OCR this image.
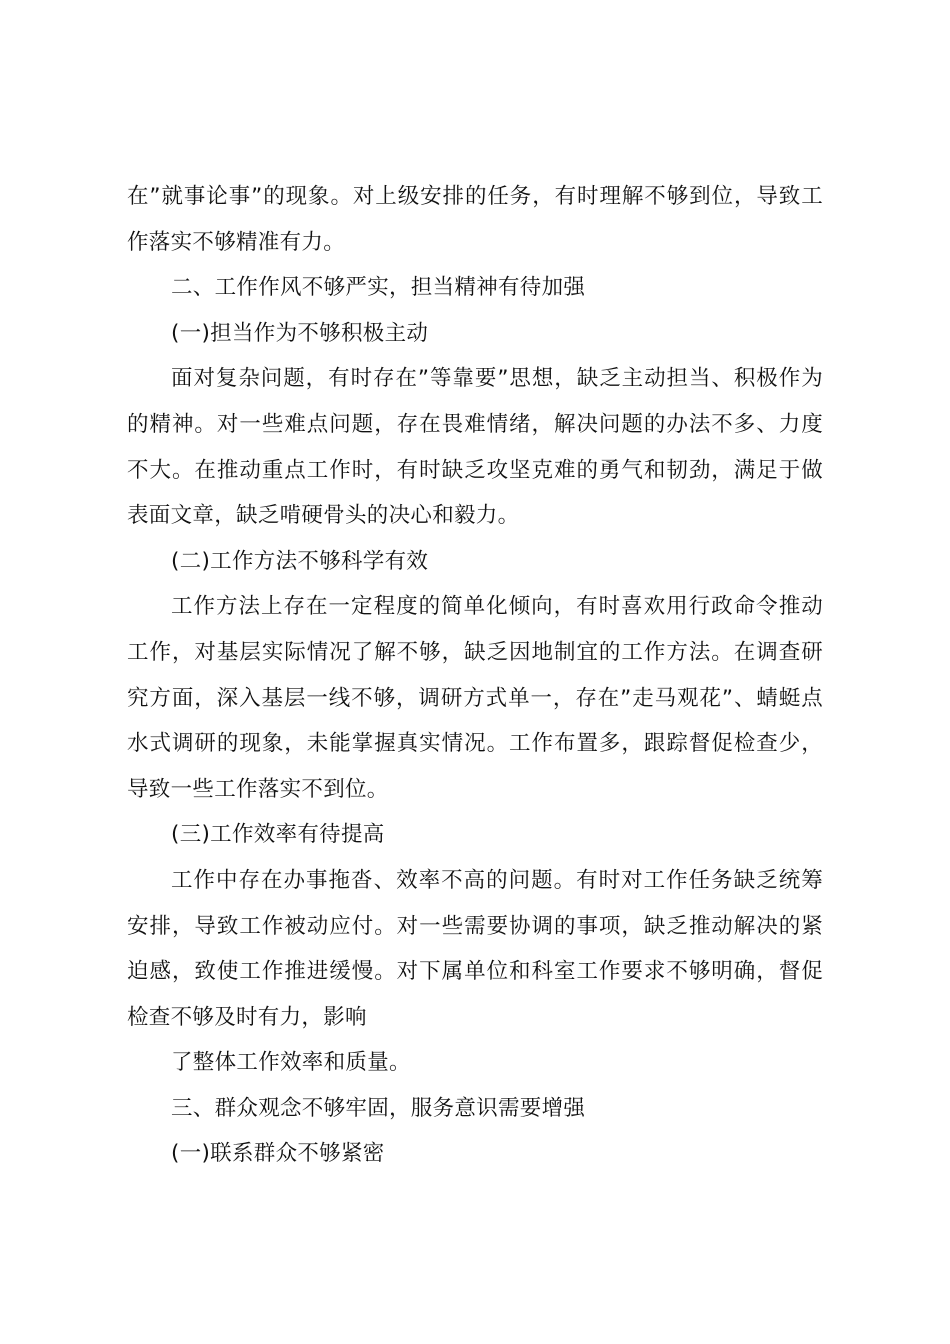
在”就事论事”的现象。对上级安排的任务，有时理解不够到位，导致工
作落实不够精准有力。

二、工作作风不够严实，担当精神有待加强

(一)担当作为不够积极主动

面对复杂问题，有时存在”等靠要”思想，缺乏主动担当、积极作为
的精神。对一些难点问题，存在畏难情绪，解决问题的办法不多、力度
不大。在推动重点工作时，有时缺乏攻坚克难的勇气和韧劲，满足于做
表面文章，缺乏啃硬骨头的决心和毅力。

(二)工作方法不够科学有效

工作方法上存在一定程度的简单化倾向，有时喜欢用行政命令推动
工作，对基层实际情况了解不够，缺乏因地制宜的工作方法。在调查研
究方面，深入基层一线不够，调研方式单一，存在”走马观花”、蜻蜓点
水式调研的现象，未能掌握真实情况。工作布置多，跟踪督促检查少，
导致一些工作落实不到位。

(三)工作效率有待提高

工作中存在办事拖沓、效率不高的问题。有时对工作任务缺乏统筹
安排，导致工作被动应付。对一些需要协调的事项，缺乏推动解决的紧
迫感，致使工作推进缓慢。对下属单位和科室工作要求不够明确，督促
检查不够及时有力，影响

了整体工作效率和质量。

三、群众观念不够牢固，服务意识需要增强

(一)联系群众不够紧密
